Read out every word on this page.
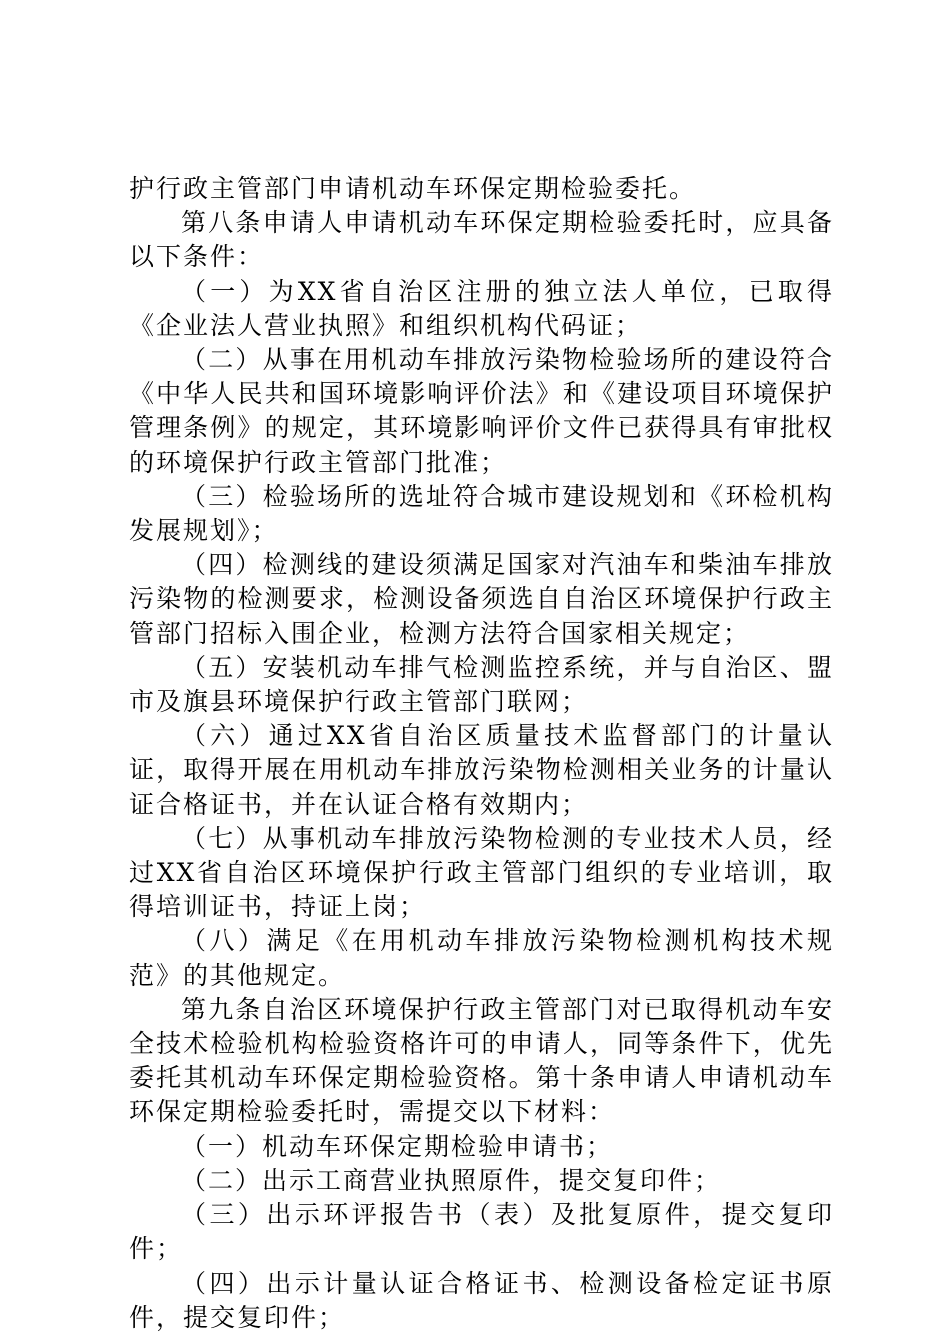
护行政主管部门申请机动车环保定期检验委托。

第八条申请人申请机动车环保定期检验委托时，应具备以下条件：

（一）为XX省自治区注册的独立法人单位，已取得《企业法人营业执照》和组织机构代码证；

（二）从事在用机动车排放污染物检验场所的建设符合《中华人民共和国环境影响评价法》和《建设项目环境保护管理条例》的规定，其环境影响评价文件已获得具有审批权的环境保护行政主管部门批准；

（三）检验场所的选址符合城市建设规划和《环检机构发展规划》；

（四）检测线的建设须满足国家对汽油车和柴油车排放污染物的检测要求，检测设备须选自自治区环境保护行政主管部门招标入围企业，检测方法符合国家相关规定；

（五）安装机动车排气检测监控系统，并与自治区、盟市及旗县环境保护行政主管部门联网；

（六）通过XX省自治区质量技术监督部门的计量认证，取得开展在用机动车排放污染物检测相关业务的计量认证合格证书，并在认证合格有效期内；

（七）从事机动车排放污染物检测的专业技术人员，经过XX省自治区环境保护行政主管部门组织的专业培训，取得培训证书，持证上岗；

（八）满足《在用机动车排放污染物检测机构技术规范》的其他规定。

第九条自治区环境保护行政主管部门对已取得机动车安全技术检验机构检验资格许可的申请人，同等条件下，优先委托其机动车环保定期检验资格。第十条申请人申请机动车环保定期检验委托时，需提交以下材料：

（一）机动车环保定期检验申请书；

（二）出示工商营业执照原件，提交复印件；

（三）出示环评报告书（表）及批复原件，提交复印件；

（四）出示计量认证合格证书、检测设备检定证书原件，提交复印件；
